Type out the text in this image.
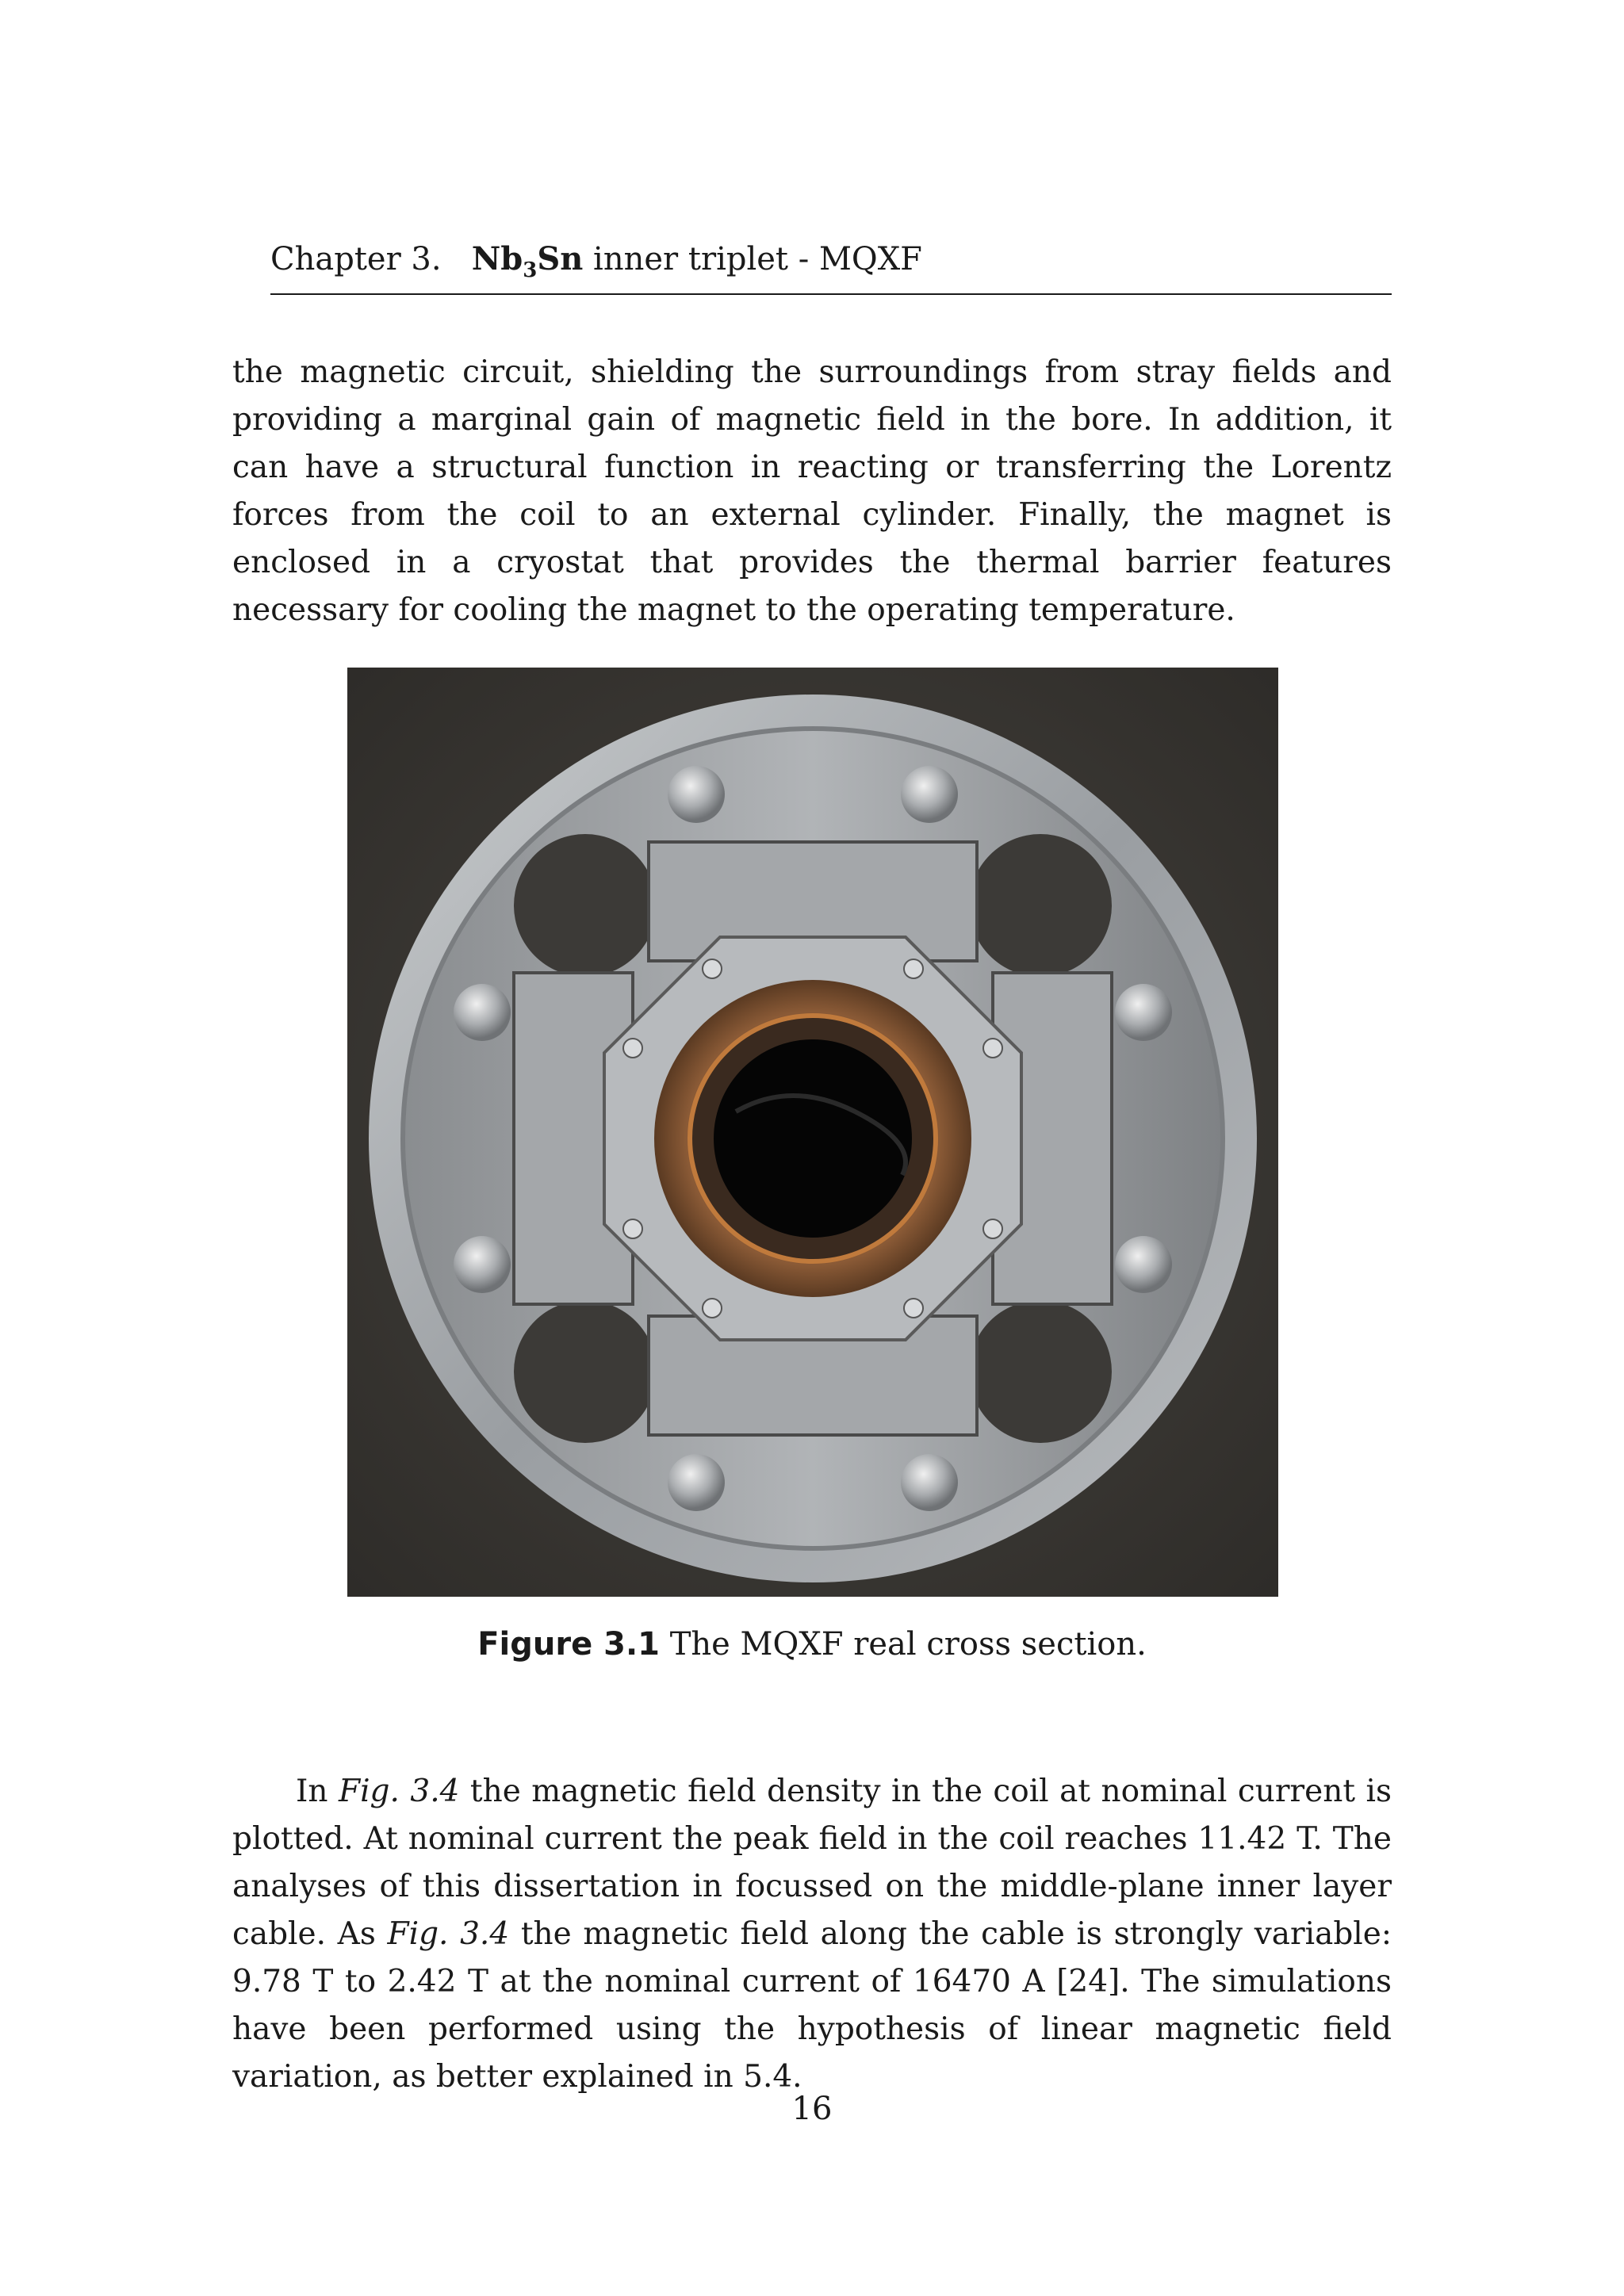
Chapter 3. $Nb_3Sn$ inner triplet - MQXF

the magnetic circuit, shielding the surroundings from stray fields and providing a marginal gain of magnetic field in the bore. In addition, it can have a structural function in reacting or transferring the Lorentz forces from the coil to an external cylinder. Finally, the magnet is enclosed in a cryostat that provides the thermal barrier features necessary for cooling the magnet to the operating temperature.

Figure 3.1 The MQXF real cross section.

In Fig. 3.4 the magnetic field density in the coil at nominal current is plotted. At nominal current the peak field in the coil reaches 11.42 T. The analyses of this dissertation in focussed on the middle-plane inner layer cable. As Fig. 3.4 the magnetic field along the cable is strongly variable: 9.78 T to 2.42 T at the nominal current of 16470 A [24]. The simulations have been performed using the hypothesis of linear magnetic field variation, as better explained in 5.4.

16
